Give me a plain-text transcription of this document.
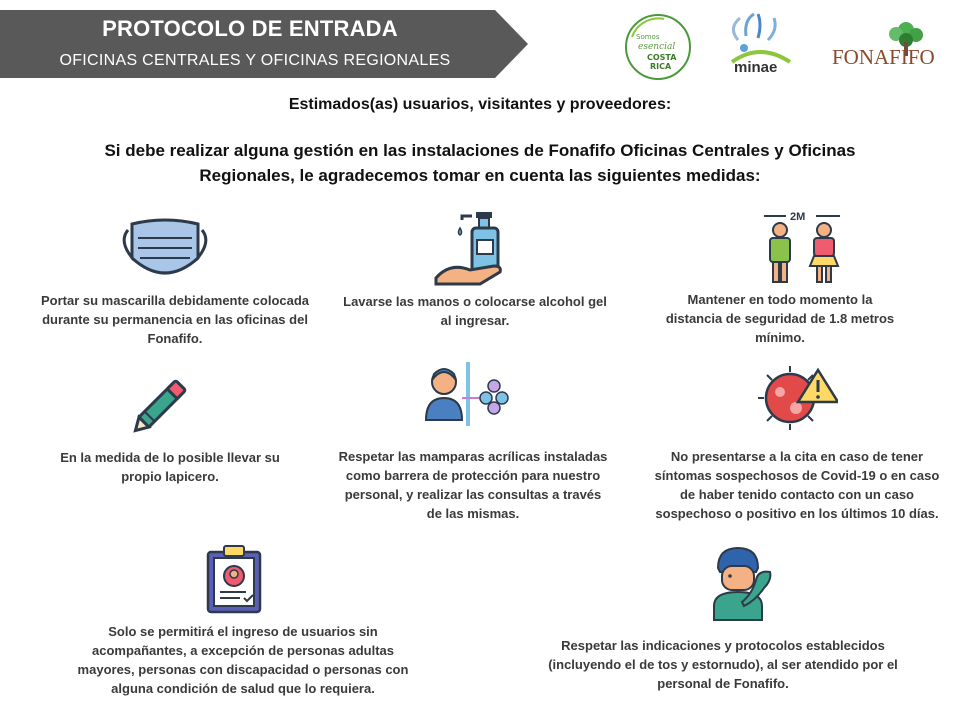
PROTOCOLO DE ENTRADA
OFICINAS CENTRALES Y OFICINAS REGIONALES
Somos
esencial
COSTA
RICA	minae	FONAFIFO
Estimados(as) usuarios, visitantes y proveedores:
Si debe realizar alguna gestión en las instalaciones de Fonafifo Oficinas Centrales y Oficinas Regionales, le agradecemos tomar en cuenta las siguientes medidas:
Portar su mascarilla debidamente colocada durante su permanencia en las oficinas del Fonafifo.
Lavarse las manos o colocarse alcohol gel al ingresar.
2M
Mantener en todo momento la distancia de seguridad de 1.8 metros mínimo.
En la medida de lo posible llevar su propio lapicero.
Respetar las mamparas acrílicas instaladas como barrera de protección para nuestro personal, y realizar las consultas a través de las mismas.
No presentarse a la cita en caso de tener síntomas sospechosos de Covid-19 o en caso de haber tenido contacto con un caso sospechoso o positivo en los últimos 10 días.
Solo se permitirá el ingreso de usuarios sin acompañantes, a excepción de personas adultas mayores, personas con discapacidad o personas con alguna condición de salud que lo requiera.
Respetar las indicaciones y protocolos establecidos (incluyendo el de tos y estornudo), al ser atendido por el personal de Fonafifo.
